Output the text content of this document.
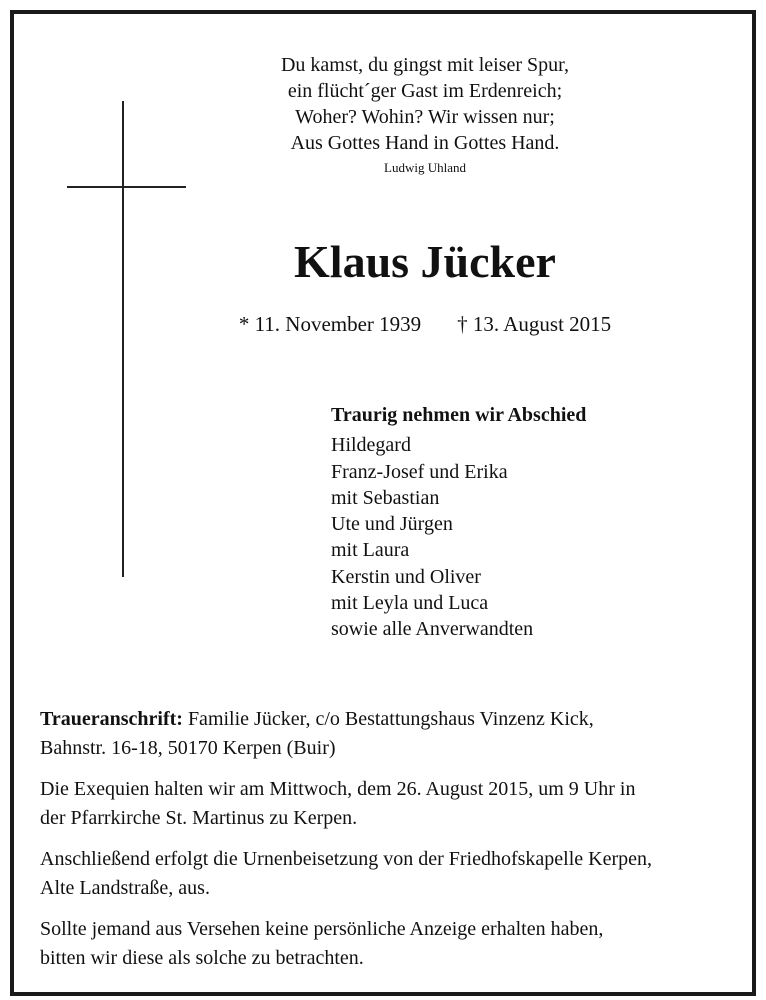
Du kamst, du gingst mit leiser Spur,
ein flücht´ger Gast im Erdenreich;
Woher? Wohin? Wir wissen nur;
Aus Gottes Hand in Gottes Hand.
Ludwig Uhland
Klaus Jücker
* 11. November 1939 † 13. August 2015
Traurig nehmen wir Abschied
Hildegard
Franz-Josef und Erika
mit Sebastian
Ute und Jürgen
mit Laura
Kerstin und Oliver
mit Leyla und Luca
sowie alle Anverwandten

Traueranschrift: Familie Jücker, c/o Bestattungshaus Vinzenz Kick,
Bahnstr. 16-18, 50170 Kerpen (Buir)

Die Exequien halten wir am Mittwoch, dem 26. August 2015, um 9 Uhr in
der Pfarrkirche St. Martinus zu Kerpen.

Anschließend erfolgt die Urnenbeisetzung von der Friedhofskapelle Kerpen,
Alte Landstraße, aus.

Sollte jemand aus Versehen keine persönliche Anzeige erhalten haben,
bitten wir diese als solche zu betrachten.
